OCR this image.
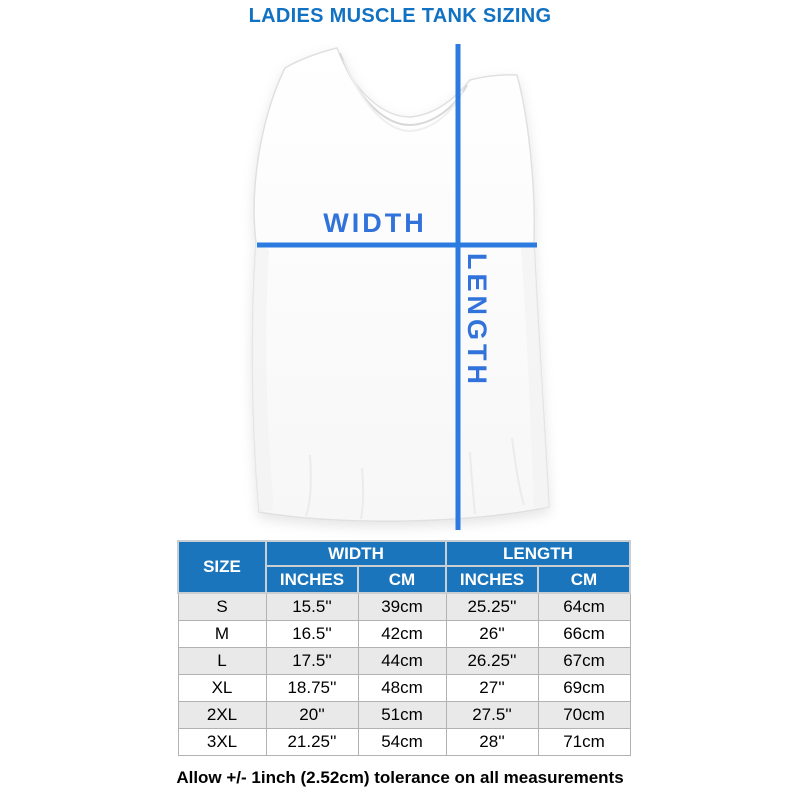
LADIES MUSCLE TANK SIZING
WIDTH
LENGTH
SIZE	WIDTH		LENGTH	
	INCHES	CM	INCHES	CM
S	15.5''	39cm	25.25''	64cm
M	16.5''	42cm	26''	66cm
L	17.5''	44cm	26.25''	67cm
XL	18.75''	48cm	27''	69cm
2XL	20''	51cm	27.5''	70cm
3XL	21.25''	54cm	28''	71cm
Allow +/- 1inch (2.52cm) tolerance on all measurements
